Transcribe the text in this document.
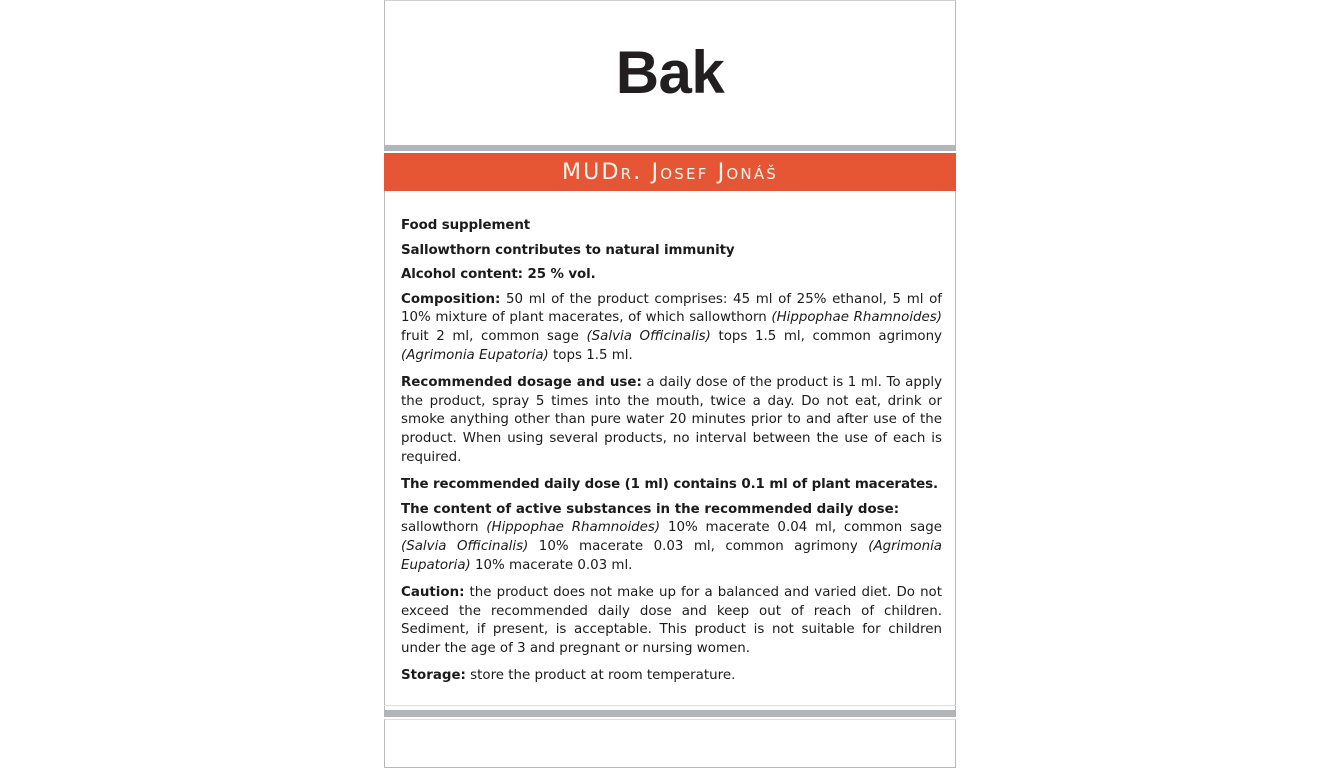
Bak
MUDr. Josef Jonáš

Food supplement

Sallowthorn contributes to natural immunity

Alcohol content: 25 % vol.

Composition: 50 ml of the product comprises: 45 ml of 25% ethanol, 5 ml of 10% mixture of plant macerates, of which sallowthorn (Hippophae Rhamnoides) fruit 2 ml, common sage (Salvia Officinalis) tops 1.5 ml, common agrimony (Agrimonia Eupatoria) tops 1.5 ml.

Recommended dosage and use: a daily dose of the product is 1 ml. To apply the product, spray 5 times into the mouth, twice a day. Do not eat, drink or smoke anything other than pure water 20 minutes prior to and after use of the product. When using several products, no interval between the use of each is required.

The recommended daily dose (1 ml) contains 0.1 ml of plant macerates.

The content of active substances in the recommended daily dose:
sallowthorn (Hippophae Rhamnoides) 10% macerate 0.04 ml, common sage (Salvia Officinalis) 10% macerate 0.03 ml, common agrimony (Agrimonia Eupatoria) 10% macerate 0.03 ml.

Caution: the product does not make up for a balanced and varied diet. Do not exceed the recommended daily dose and keep out of reach of children. Sediment, if present, is acceptable. This product is not suitable for children under the age of 3 and pregnant or nursing women.

Storage: store the product at room temperature.
